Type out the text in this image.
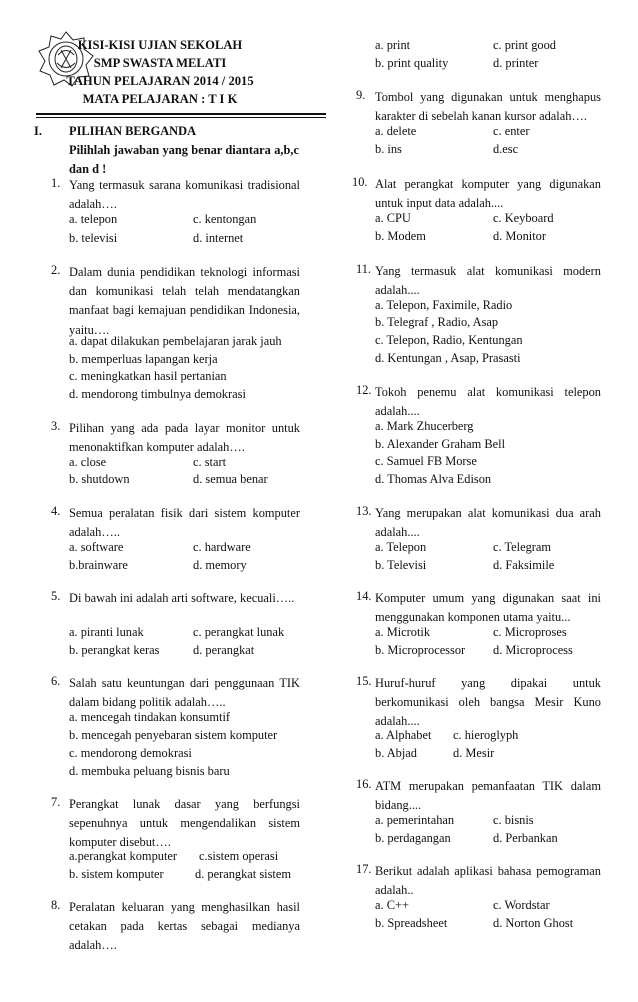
KISI-KISI UJIAN SEKOLAH
SMP SWASTA MELATI
TAHUN PELAJARAN 2014 / 2015
MATA PELAJARAN : T I K
I. PILIHAN BERGANDA
Pilihlah jawaban yang benar diantara a,b,c dan d !
1. Yang termasuk sarana komunikasi tradisional adalah….
a. telepon	c. kentongan
b. televisi	d. internet
2. Dalam dunia pendidikan teknologi informasi dan komunikasi telah telah mendatangkan manfaat bagi kemajuan pendidikan Indonesia, yaitu….
a. dapat dilakukan pembelajaran jarak jauh
b. memperluas lapangan kerja
c. meningkatkan hasil pertanian
d. mendorong timbulnya demokrasi
3. Pilihan yang ada pada layar monitor untuk menonaktifkan komputer adalah….
a. close	c. start
b. shutdown	d. semua benar
4. Semua peralatan fisik dari sistem komputer adalah…..
a. software	c. hardware
b.brainware	d. memory
5. Di bawah ini adalah arti software, kecuali…..
a. piranti lunak	c. perangkat lunak
b. perangkat keras	d. perangkat
6. Salah satu keuntungan dari penggunaan TIK dalam bidang politik adalah…..
a. mencegah tindakan konsumtif
b. mencegah penyebaran sistem komputer
c. mendorong demokrasi
d. membuka peluang bisnis baru
7. Perangkat lunak dasar yang berfungsi sepenuhnya untuk mengendalikan sistem komputer disebut….
a.perangkat komputer c.sistem operasi
b. sistem komputer	d. perangkat sistem
8. Peralatan keluaran yang menghasilkan hasil cetakan pada kertas sebagai medianya adalah….
a. print	c. print good
b. print quality	d. printer
9. Tombol yang digunakan untuk menghapus karakter di sebelah kanan kursor adalah….
a. delete	c. enter
b. ins	d.esc
10. Alat perangkat komputer yang digunakan untuk input data adalah....
a. CPU	c. Keyboard
b. Modem	d. Monitor
11. Yang termasuk alat komunikasi modern adalah....
a. Telepon, Faximile, Radio
b. Telegraf , Radio, Asap
c. Telepon, Radio, Kentungan
d. Kentungan , Asap, Prasasti
12. Tokoh penemu alat komunikasi telepon adalah....
a. Mark Zhucerberg
b. Alexander Graham Bell
c. Samuel FB Morse
d. Thomas Alva Edison
13. Yang merupakan alat komunikasi dua arah adalah....
a. Telepon	c. Telegram
b. Televisi	d. Faksimile
14. Komputer umum yang digunakan saat ini menggunakan komponen utama yaitu...
a. Microtik	c. Microproses
b. Microprocessor d. Microprocess
15. Huruf-huruf yang dipakai untuk berkomunikasi oleh bangsa Mesir Kuno adalah....
a. Alphabet c. hieroglyph
b. Abjad	d. Mesir
16. ATM merupakan pemanfaatan TIK dalam bidang....
a. pemerintahan	c. bisnis
b. perdagangan	d. Perbankan
17. Berikut adalah aplikasi bahasa pemograman adalah..
a. C++	c. Wordstar
b. Spreadsheet	d. Norton Ghost
